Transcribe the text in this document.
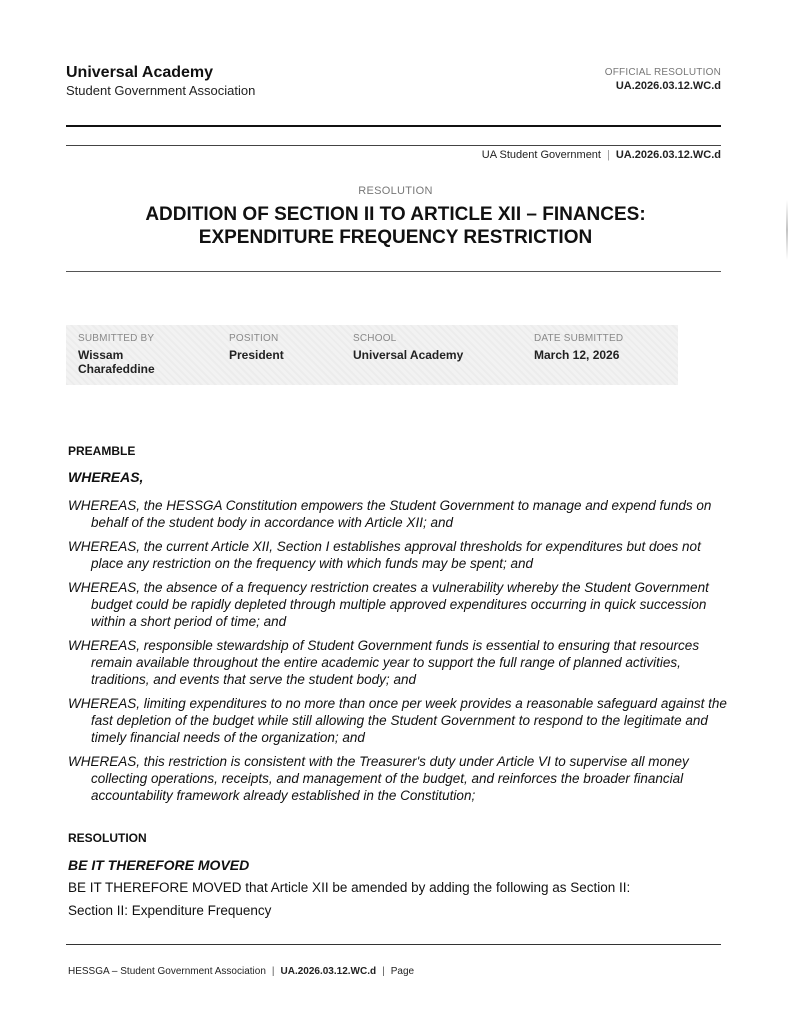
Universal Academy
Student Government Association
OFFICIAL RESOLUTION
UA.2026.03.12.WC.d
UA Student Government | UA.2026.03.12.WC.d
RESOLUTION
ADDITION OF SECTION II TO ARTICLE XII – FINANCES:
EXPENDITURE FREQUENCY RESTRICTION
SUBMITTED BY
Wissam Charafeddine
POSITION
President
SCHOOL
Universal Academy
DATE SUBMITTED
March 12, 2026
PREAMBLE
WHEREAS,
WHEREAS, the HESSGA Constitution empowers the Student Government to manage and expend funds on behalf of the student body in accordance with Article XII; and
WHEREAS, the current Article XII, Section I establishes approval thresholds for expenditures but does not place any restriction on the frequency with which funds may be spent; and
WHEREAS, the absence of a frequency restriction creates a vulnerability whereby the Student Government budget could be rapidly depleted through multiple approved expenditures occurring in quick succession within a short period of time; and
WHEREAS, responsible stewardship of Student Government funds is essential to ensuring that resources remain available throughout the entire academic year to support the full range of planned activities, traditions, and events that serve the student body; and
WHEREAS, limiting expenditures to no more than once per week provides a reasonable safeguard against the fast depletion of the budget while still allowing the Student Government to respond to the legitimate and timely financial needs of the organization; and
WHEREAS, this restriction is consistent with the Treasurer's duty under Article VI to supervise all money collecting operations, receipts, and management of the budget, and reinforces the broader financial accountability framework already established in the Constitution;
RESOLUTION
BE IT THEREFORE MOVED
BE IT THEREFORE MOVED that Article XII be amended by adding the following as Section II:
Section II: Expenditure Frequency
HESSGA – Student Government Association | UA.2026.03.12.WC.d | Page
